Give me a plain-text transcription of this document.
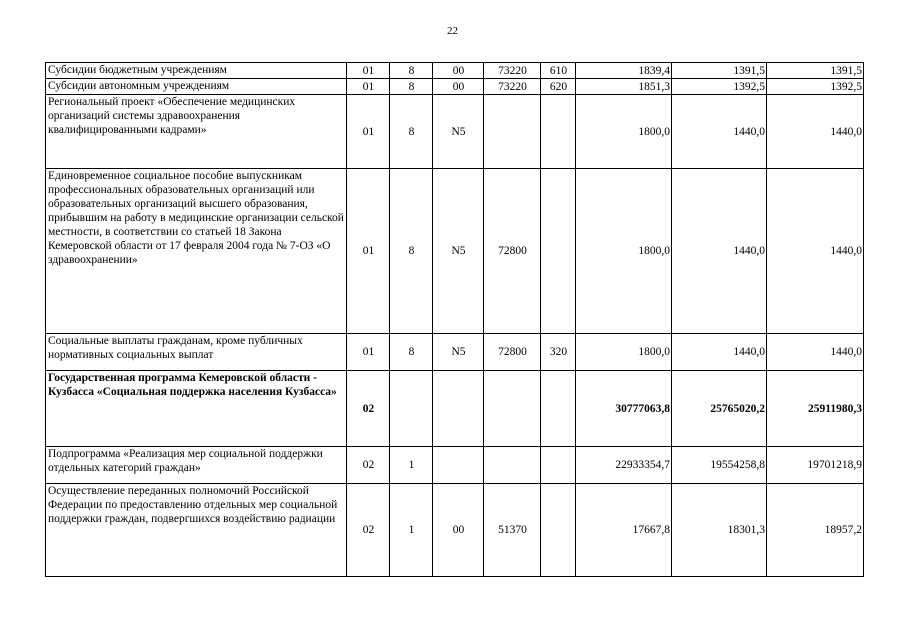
22
Субсидии бюджетным учреждениям	01	8	00	73220	610	1839,4	1391,5	1391,5
Субсидии автономным учреждениям	01	8	00	73220	620	1851,3	1392,5	1392,5
Региональный проект «Обеспечение медицинских организаций системы здравоохранения квалифицированными кадрами»	01	8	N5			1800,0	1440,0	1440,0
Единовременное социальное пособие выпускникам профессиональных образовательных организаций или образовательных организаций высшего образования, прибывшим на работу в медицинские организации сельской местности, в соответствии со статьей 18 Закона Кемеровской области от 17 февраля 2004 года № 7-ОЗ «О здравоохранении»	01	8	N5	72800		1800,0	1440,0	1440,0
Социальные выплаты гражданам, кроме публичных нормативных социальных выплат	01	8	N5	72800	320	1800,0	1440,0	1440,0
Государственная программа Кемеровской области - Кузбасса «Социальная поддержка населения Кузбасса»	02					30777063,8	25765020,2	25911980,3
Подпрограмма «Реализация мер социальной поддержки отдельных категорий граждан»	02	1				22933354,7	19554258,8	19701218,9
Осуществление переданных полномочий Российской Федерации по предоставлению отдельных мер социальной поддержки граждан, подвергшихся воздействию радиации	02	1	00	51370		17667,8	18301,3	18957,2
